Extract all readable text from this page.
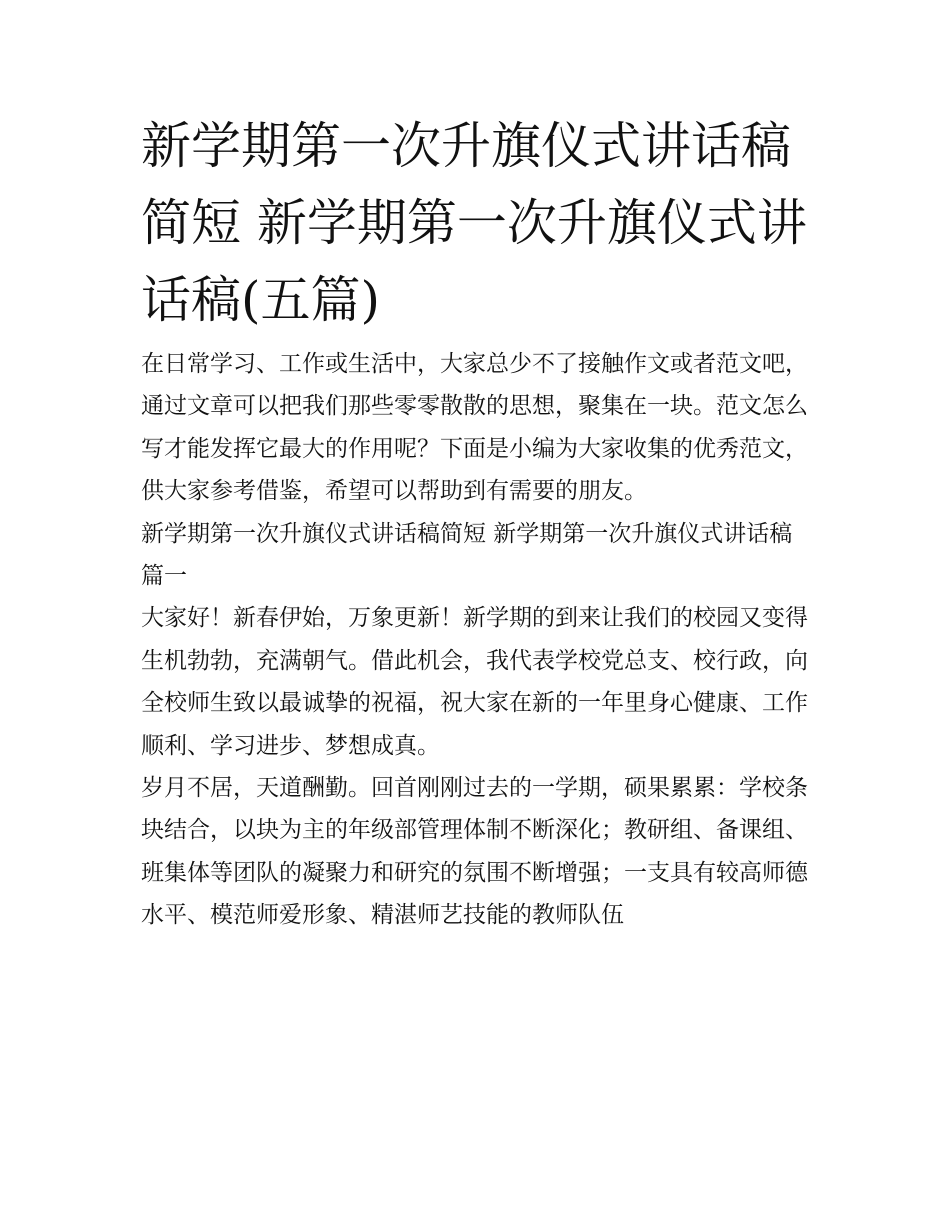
新学期第一次升旗仪式讲话稿简短 新学期第一次升旗仪式讲话稿(五篇)

在日常学习、工作或生活中，大家总少不了接触作文或者范文吧，通过文章可以把我们那些零零散散的思想，聚集在一块。范文怎么写才能发挥它最大的作用呢？下面是小编为大家收集的优秀范文，供大家参考借鉴，希望可以帮助到有需要的朋友。

新学期第一次升旗仪式讲话稿简短 新学期第一次升旗仪式讲话稿篇一

大家好！新春伊始，万象更新！新学期的到来让我们的校园又变得生机勃勃，充满朝气。借此机会，我代表学校党总支、校行政，向全校师生致以最诚挚的祝福，祝大家在新的一年里身心健康、工作顺利、学习进步、梦想成真。

岁月不居，天道酬勤。回首刚刚过去的一学期，硕果累累：学校条块结合，以块为主的年级部管理体制不断深化；教研组、备课组、班集体等团队的凝聚力和研究的氛围不断增强；一支具有较高师德水平、模范师爱形象、精湛师艺技能的教师队伍
